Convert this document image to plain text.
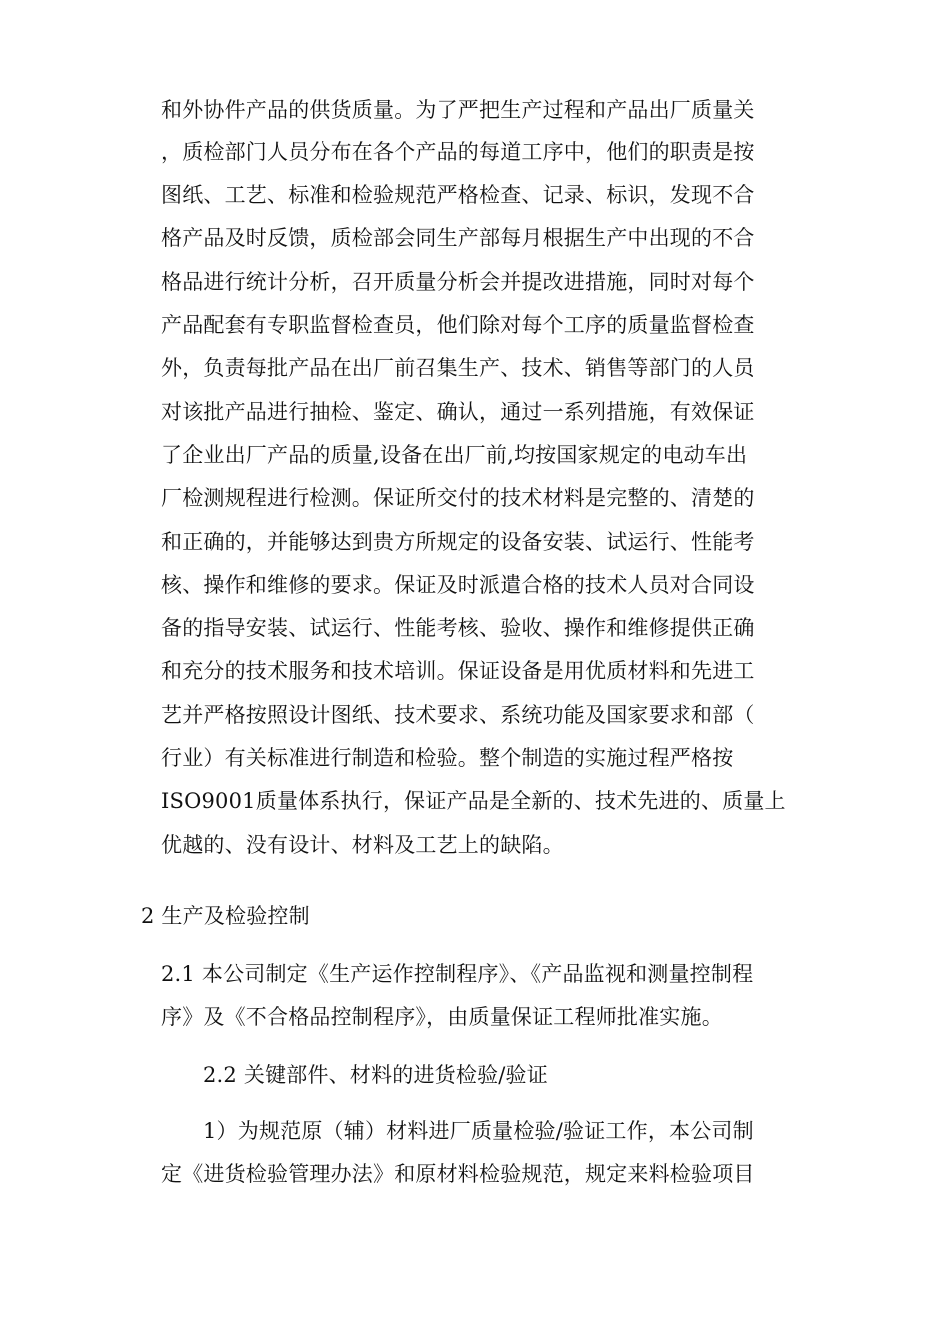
和外协件产品的供货质量。为了严把生产过程和产品出厂质量关
，质检部门人员分布在各个产品的每道工序中，他们的职责是按
图纸、工艺、标准和检验规范严格检查、记录、标识，发现不合
格产品及时反馈，质检部会同生产部每月根据生产中出现的不合
格品进行统计分析，召开质量分析会并提改进措施，同时对每个
产品配套有专职监督检查员，他们除对每个工序的质量监督检查
外，负责每批产品在出厂前召集生产、技术、销售等部门的人员
对该批产品进行抽检、鉴定、确认，通过一系列措施，有效保证
了企业出厂产品的质量,设备在出厂前,均按国家规定的电动车出
厂检测规程进行检测。保证所交付的技术材料是完整的、清楚的
和正确的，并能够达到贵方所规定的设备安装、试运行、性能考
核、操作和维修的要求。保证及时派遣合格的技术人员对合同设
备的指导安装、试运行、性能考核、验收、操作和维修提供正确
和充分的技术服务和技术培训。保证设备是用优质材料和先进工
艺并严格按照设计图纸、技术要求、系统功能及国家要求和部（
行业）有关标准进行制造和检验。整个制造的实施过程严格按
ISO9001质量体系执行，保证产品是全新的、技术先进的、质量上
优越的、没有设计、材料及工艺上的缺陷。
2 生产及检验控制
2.1 本公司制定《生产运作控制程序》、《产品监视和测量控制程
序》及《不合格品控制程序》，由质量保证工程师批准实施。
2.2 关键部件、材料的进货检验/验证
1）为规范原（辅）材料进厂质量检验/验证工作，本公司制
定《进货检验管理办法》和原材料检验规范，规定来料检验项目
